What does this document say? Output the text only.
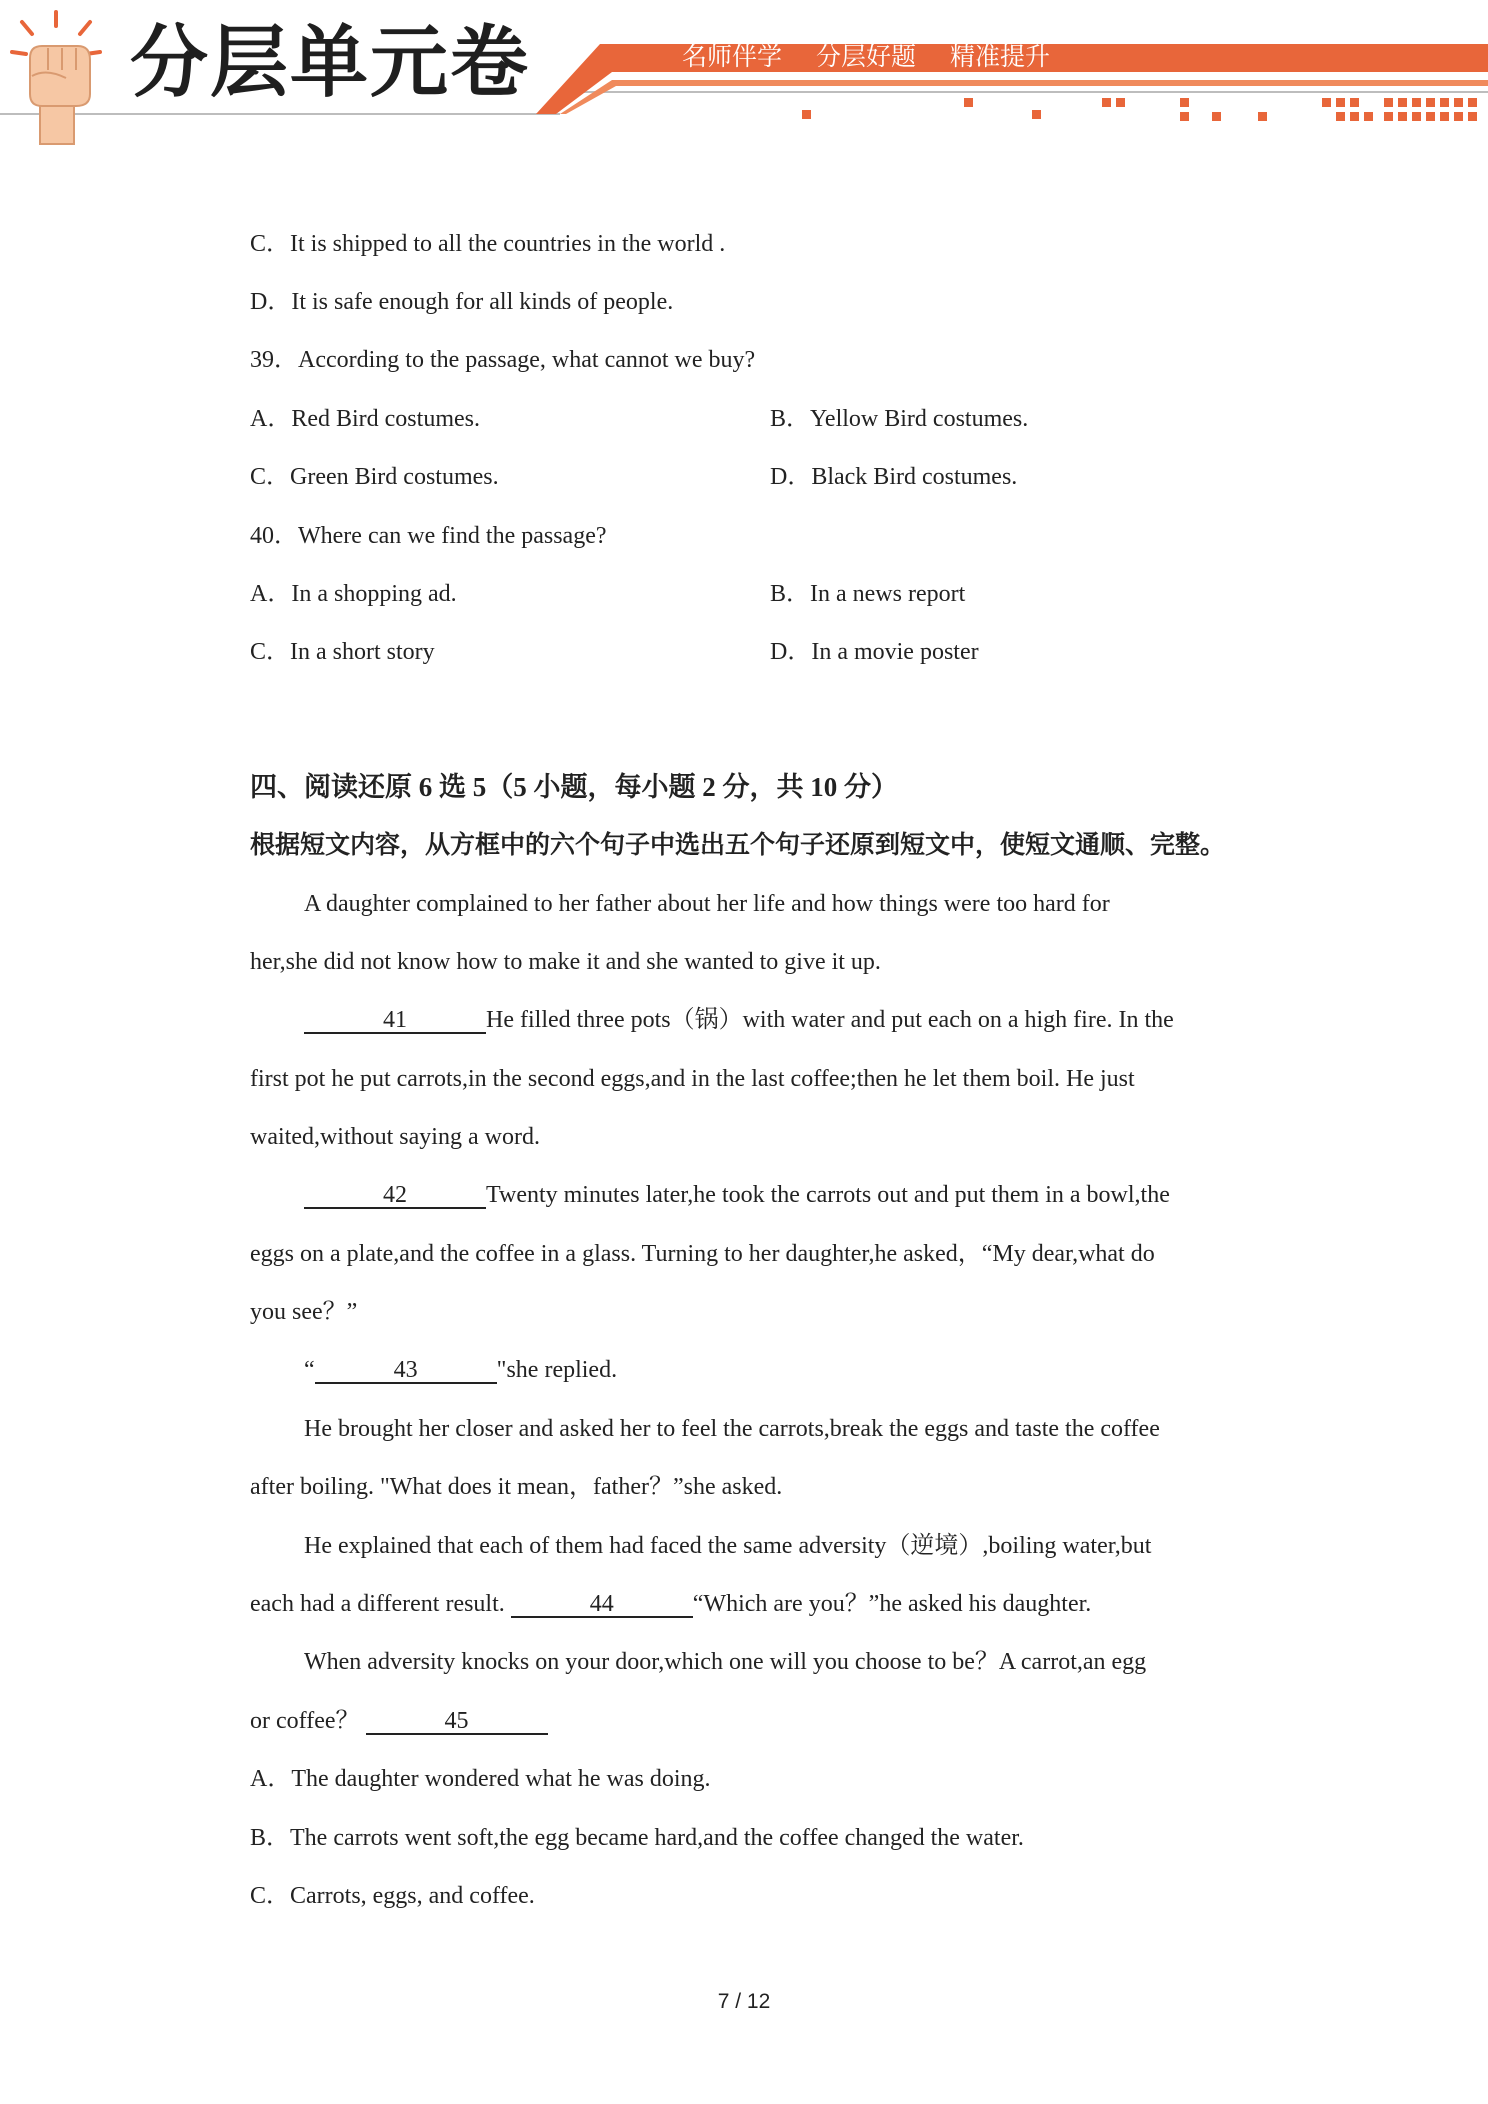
分层单元卷	名师伴学 分层好题 精准提升
C．It is shipped to all the countries in the world .
D．It is safe enough for all kinds of people.
39．According to the passage, what cannot we buy?
A．Red Bird costumes.	B．Yellow Bird costumes.
C．Green Bird costumes.	D．Black Bird costumes.
40．Where can we find the passage?
A．In a shopping ad.	B．In a news report
C．In a short story	D．In a movie poster
四、阅读还原 6 选 5（5 小题，每小题 2 分，共 10 分）
根据短文内容，从方框中的六个句子中选出五个句子还原到短文中，使短文通顺、完整。
A daughter complained to her father about her life and how things were too hard for
her,she did not know how to make it and she wanted to give it up.
41	He filled three pots（锅）with water and put each on a high fire. In the
first pot he put carrots,in the second eggs,and in the last coffee;then he let them boil. He just
waited,without saying a word.
42	Twenty minutes later,he took the carrots out and put them in a bowl,the
eggs on a plate,and the coffee in a glass. Turning to her daughter,he asked，“My dear,what do
you see？”
“	43	"she replied.
He brought her closer and asked her to feel the carrots,break the eggs and taste the coffee
after boiling. "What does it mean，father？”she asked.
He explained that each of them had faced the same adversity（逆境）,boiling water,but
each had a different result.	44	“Which are you？”he asked his daughter.
When adversity knocks on your door,which one will you choose to be？A carrot,an egg
or coffee？	45
A．The daughter wondered what he was doing.
B．The carrots went soft,the egg became hard,and the coffee changed the water.
C．Carrots, eggs, and coffee.
7 / 12
